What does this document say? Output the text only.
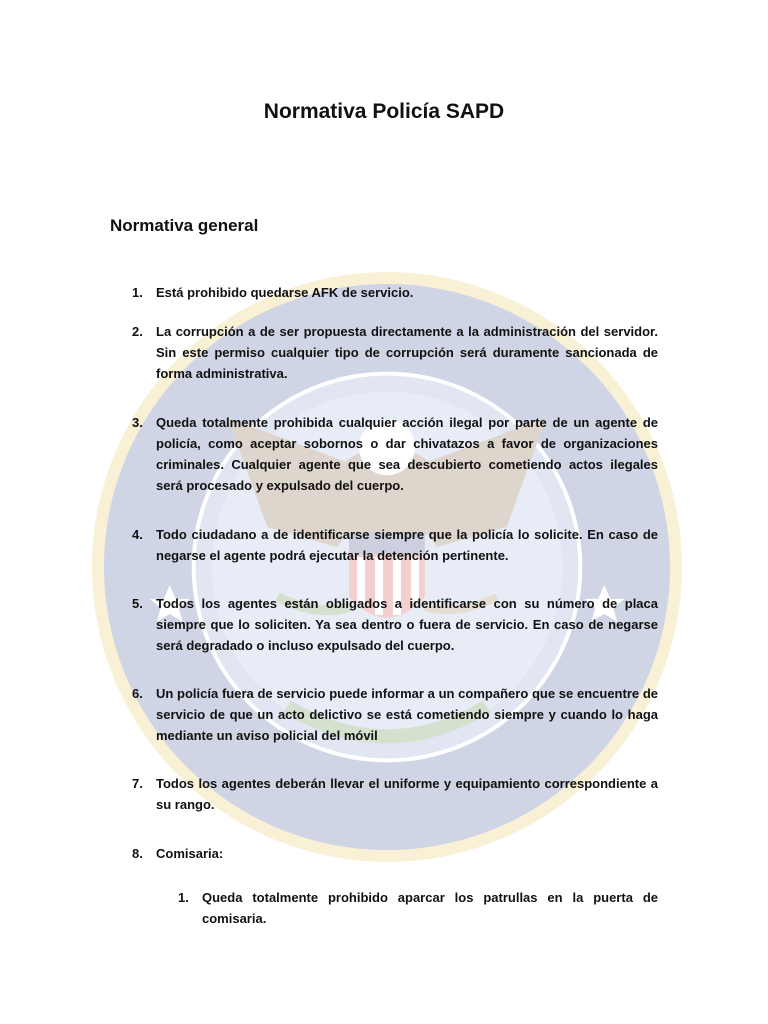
Normativa Policía SAPD
Normativa general
1. Está prohibido quedarse AFK de servicio.
2. La corrupción a de ser propuesta directamente a la administración del servidor. Sin este permiso cualquier tipo de corrupción será duramente sancionada de forma administrativa.
3. Queda totalmente prohibida cualquier acción ilegal por parte de un agente de policía, como aceptar sobornos o dar chivatazos a favor de organizaciones criminales. Cualquier agente que sea descubierto cometiendo actos ilegales será procesado y expulsado del cuerpo.
4. Todo ciudadano a de identificarse siempre que la policía lo solicite. En caso de negarse el agente podrá ejecutar la detención pertinente.
5. Todos los agentes están obligados a identificarse con su número de placa siempre que lo soliciten. Ya sea dentro o fuera de servicio. En caso de negarse será degradado o incluso expulsado del cuerpo.
6. Un policía fuera de servicio puede informar a un compañero que se encuentre de servicio de que un acto delictivo se está cometiendo siempre y cuando lo haga mediante un aviso policial del móvil
7. Todos los agentes deberán llevar el uniforme y equipamiento correspondiente a su rango.
8. Comisaria:
1. Queda totalmente prohibido aparcar los patrullas en la puerta de comisaria.
